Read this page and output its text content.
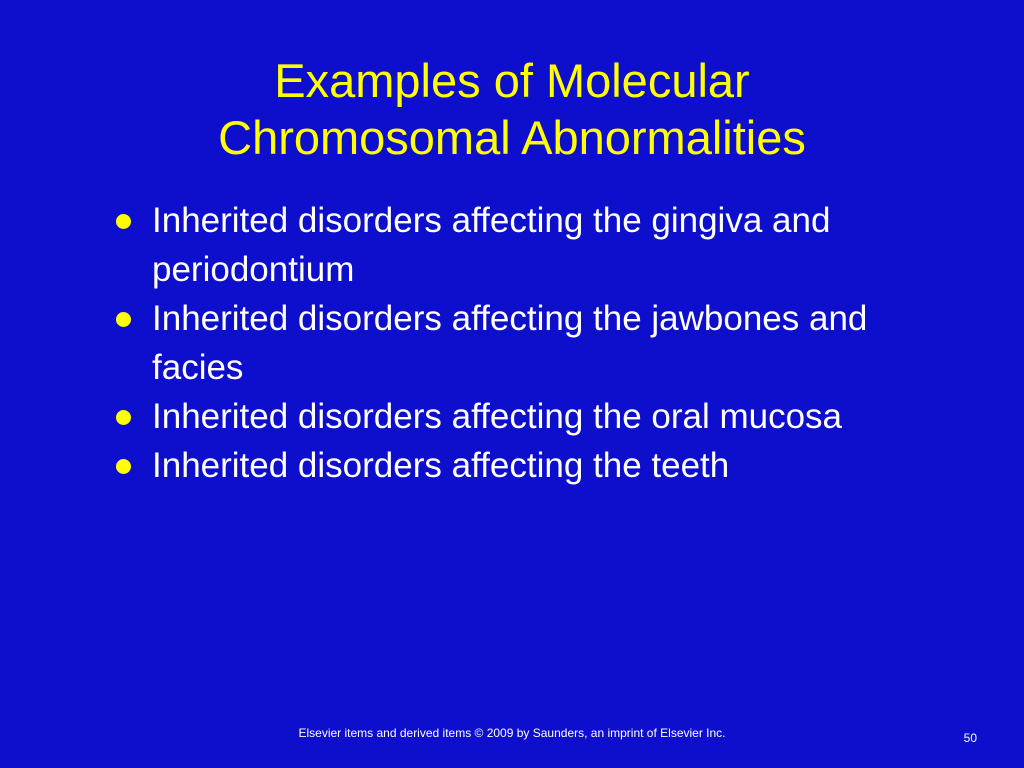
Examples of Molecular
Chromosomal Abnormalities
Inherited disorders affecting the gingiva and periodontium
Inherited disorders affecting the jawbones and facies
Inherited disorders affecting the oral mucosa
Inherited disorders affecting the teeth
Elsevier items and derived items © 2009 by Saunders, an imprint of Elsevier Inc.	50
